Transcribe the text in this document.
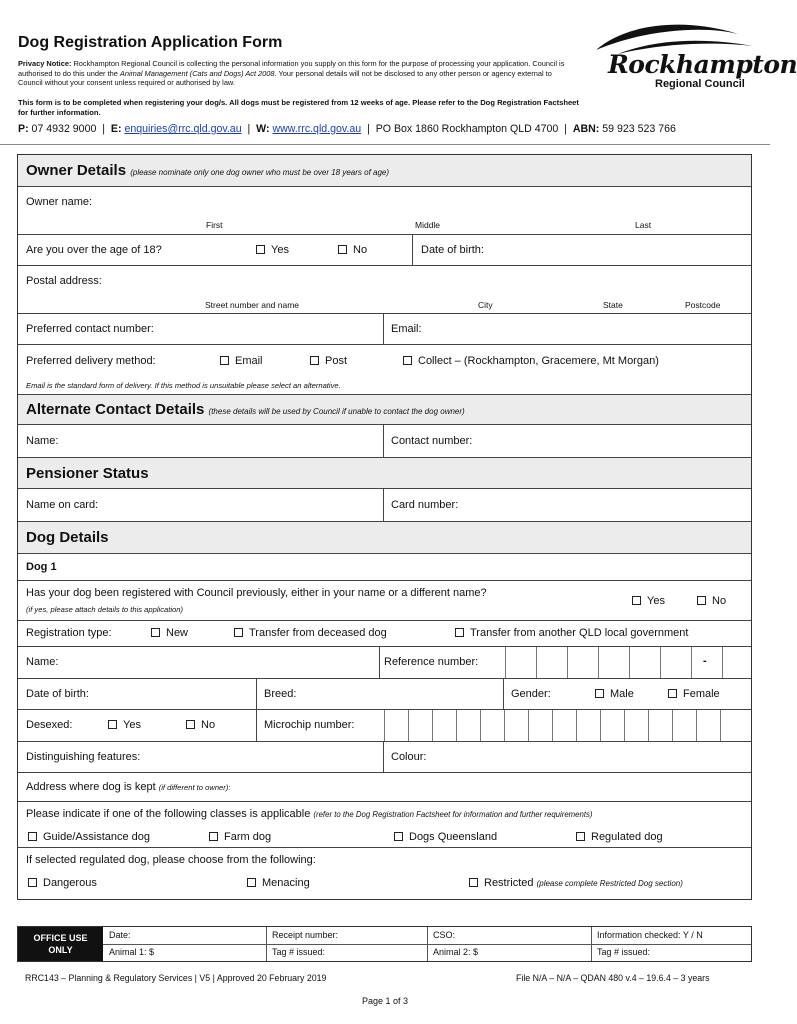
Dog Registration Application Form
Privacy Notice: Rockhampton Regional Council is collecting the personal information you supply on this form for the purpose of processing your application. Council is authorised to do this under the Animal Management (Cats and Dogs) Act 2008. Your personal details will not be disclosed to any other person or agency external to Council without your consent unless required or authorised by law.
This form is to be completed when registering your dog/s. All dogs must be registered from 12 weeks of age. Please refer to the Dog Registration Factsheet for further information.
P: 07 4932 9000 | E: enquiries@rrc.qld.gov.au | W: www.rrc.qld.gov.au | PO Box 1860 Rockhampton QLD 4700 | ABN: 59 923 523 766
Rockhampton
Regional Council
Owner Details (please nominate only one dog owner who must be over 18 years of age)
Owner name:
First	Middle	Last
Are you over the age of 18?	Yes	No	Date of birth:
Postal address:
Street number and name	City	State	Postcode
Preferred contact number:	Email:
Preferred delivery method:	Email	Post	Collect – (Rockhampton, Gracemere, Mt Morgan)
Email is the standard form of delivery. If this method is unsuitable please select an alternative.
Alternate Contact Details (these details will be used by Council if unable to contact the dog owner)
Name:	Contact number:
Pensioner Status
Name on card:	Card number:
Dog Details
Dog 1
Has your dog been registered with Council previously, either in your name or a different name?
(if yes, please attach details to this application)
Yes	No
Registration type:	New	Transfer from deceased dog	Transfer from another QLD local government
Name:	Reference number:	-
Date of birth:	Breed:	Gender:	Male	Female
Desexed:	Yes	No	Microchip number:
Distinguishing features:	Colour:
Address where dog is kept (if different to owner):
Please indicate if one of the following classes is applicable (refer to the Dog Registration Factsheet for information and further requirements)
Guide/Assistance dog	Farm dog	Dogs Queensland	Regulated dog
If selected regulated dog, please choose from the following:
Dangerous	Menacing	Restricted (please complete Restricted Dog section)
OFFICE USE
ONLY
Date:	Receipt number:	CSO:	Information checked: Y / N
Animal 1: $	Tag # issued:	Animal 2: $	Tag # issued:
RRC143 – Planning & Regulatory Services | V5 | Approved 20 February 2019	File N/A – N/A – QDAN 480 v.4 – 19.6.4 – 3 years
Page 1 of 3
